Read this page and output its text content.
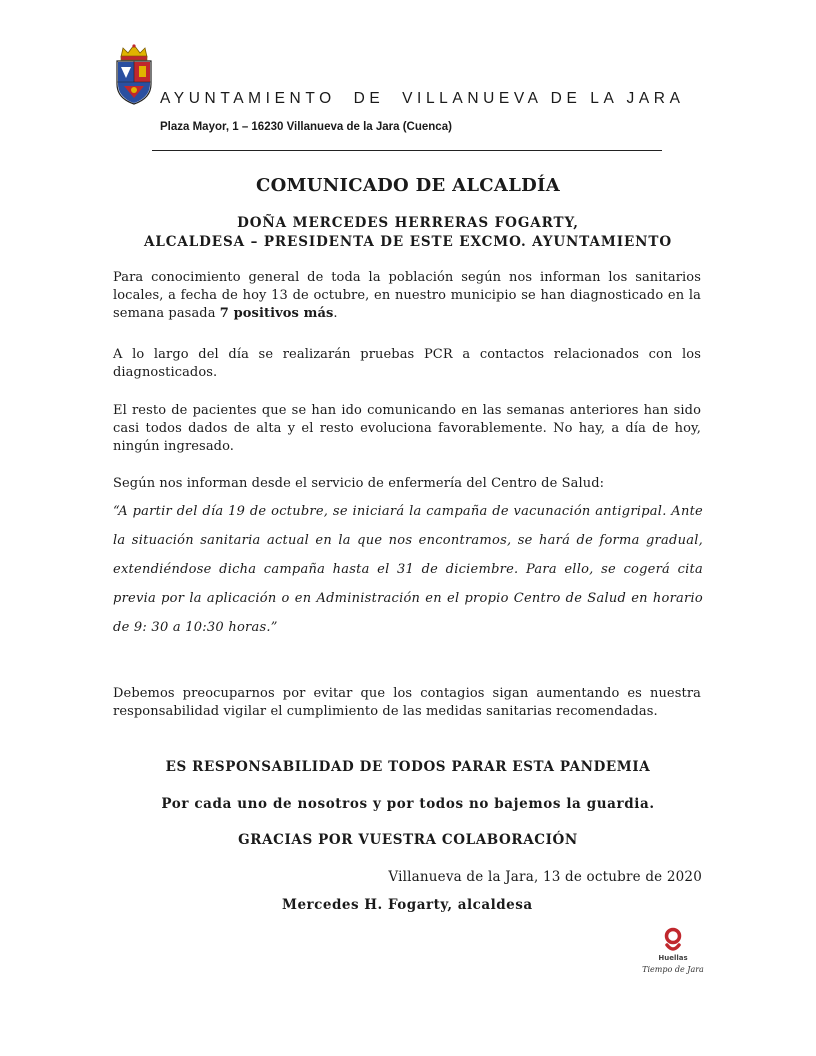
AYUNTAMIENTO  DE  VILLANUEVA DE LA JARA
Plaza Mayor, 1 – 16230 Villanueva de la Jara (Cuenca)
COMUNICADO DE ALCALDÍA
DOÑA MERCEDES HERRERAS FOGARTY,
ALCALDESA – PRESIDENTA DE ESTE EXCMO. AYUNTAMIENTO
Para conocimiento general de toda la población según nos informan los sanitarios locales, a fecha de hoy 13 de octubre, en nuestro municipio se han diagnosticado en la semana pasada 7 positivos más.
A lo largo del día se realizarán pruebas PCR a contactos relacionados con los diagnosticados.
El resto de pacientes que se han ido comunicando en las semanas anteriores han sido casi todos dados de alta y el resto evoluciona favorablemente. No hay, a día de hoy, ningún ingresado.
Según nos informan desde el servicio de enfermería del Centro de Salud:
“A partir del día 19 de octubre, se iniciará la campaña de vacunación antigripal. Ante la situación sanitaria actual en la que nos encontramos, se hará de forma gradual, extendiéndose dicha campaña hasta el 31 de diciembre. Para ello, se cogerá cita previa por la aplicación o en Administración en el propio Centro de Salud en horario de 9: 30 a 10:30 horas.”
Debemos preocuparnos por evitar que los contagios sigan aumentando es nuestra responsabilidad vigilar el cumplimiento de las medidas sanitarias recomendadas.
ES RESPONSABILIDAD DE TODOS PARAR ESTA PANDEMIA
Por cada uno de nosotros y por todos no bajemos la guardia.
GRACIAS POR VUESTRA COLABORACIÓN
Villanueva de la Jara, 13 de octubre de 2020
Mercedes H. Fogarty, alcaldesa
Huellas
Tiempo de Jara
